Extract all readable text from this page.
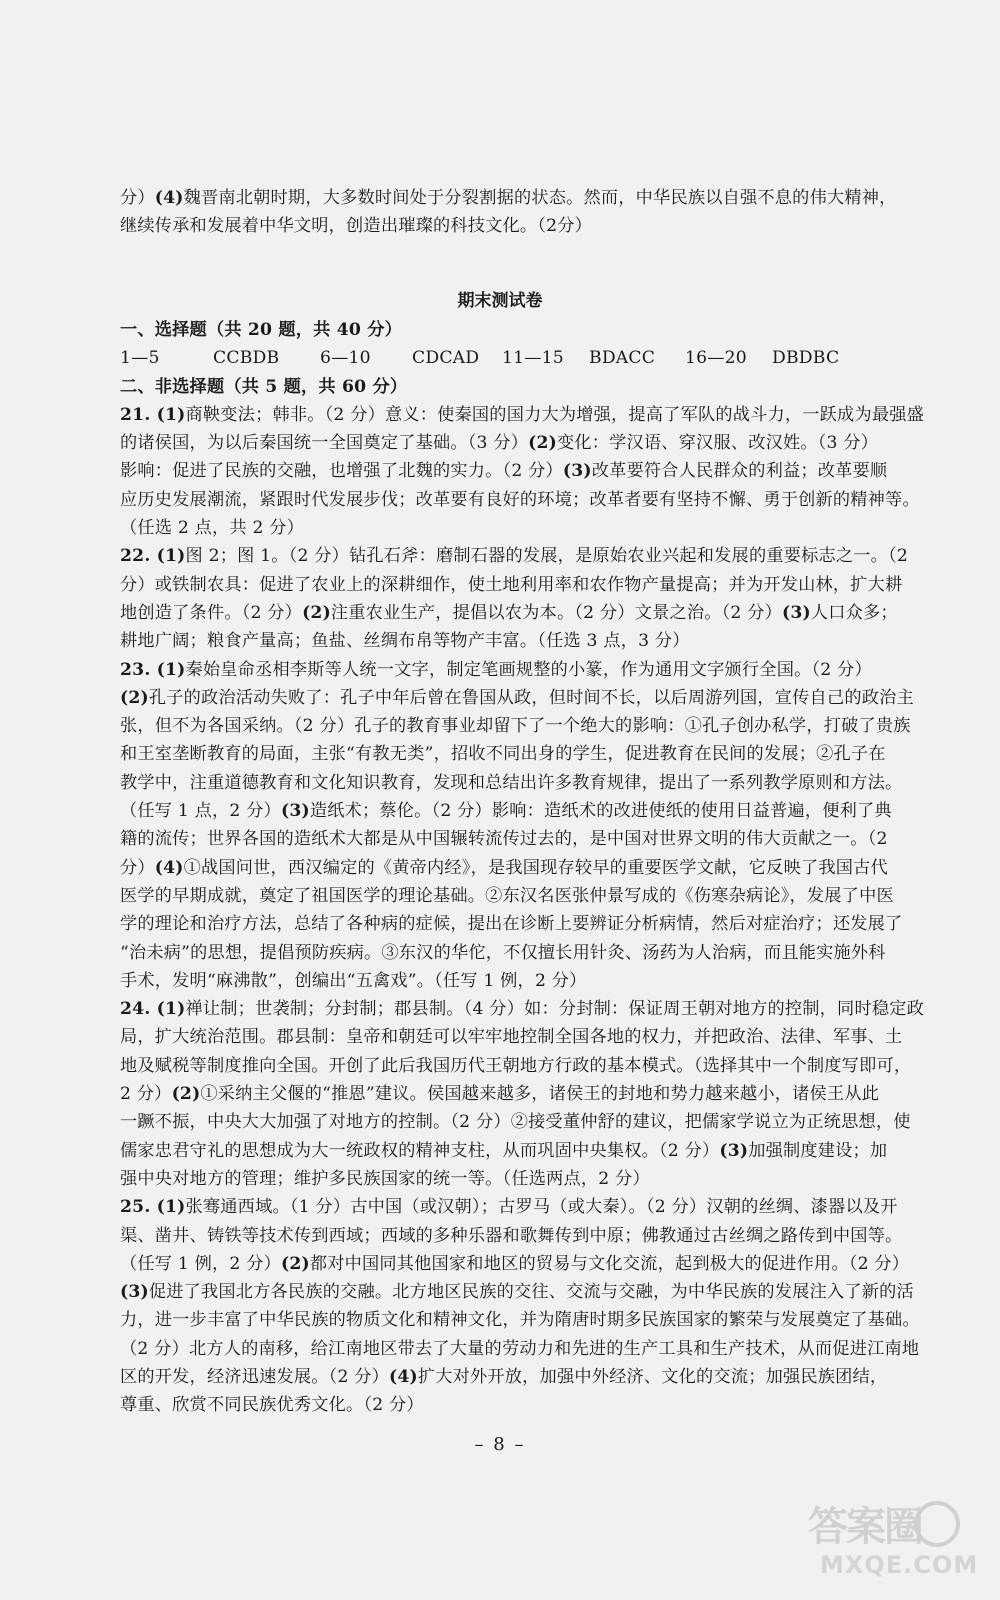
分）(4)魏晋南北朝时期，大多数时间处于分裂割据的状态。然而，中华民族以自强不息的伟大精神，
继续传承和发展着中华文明，创造出璀璨的科技文化。（2分）
期末测试卷
一、选择题（共 20 题，共 40 分）
1—5	CCBDB 6—10 CDCAD 11—15 BDACC 16—20 DBDBC
二、非选择题（共 5 题，共 60 分）
21. (1)商鞅变法；韩非。（2 分）意义：使秦国的国力大为增强，提高了军队的战斗力，一跃成为最强盛
的诸侯国，为以后秦国统一全国奠定了基础。（3 分）(2)变化：学汉语、穿汉服、改汉姓。（3 分）
影响：促进了民族的交融，也增强了北魏的实力。（2 分）(3)改革要符合人民群众的利益；改革要顺
应历史发展潮流，紧跟时代发展步伐；改革要有良好的环境；改革者要有坚持不懈、勇于创新的精神等。
（任选 2 点，共 2 分）
22. (1)图 2；图 1。（2 分）钻孔石斧：磨制石器的发展，是原始农业兴起和发展的重要标志之一。（2
分）或铁制农具：促进了农业上的深耕细作，使土地利用率和农作物产量提高；并为开发山林，扩大耕
地创造了条件。（2 分）(2)注重农业生产，提倡以农为本。（2 分）文景之治。（2 分）(3)人口众多；
耕地广阔；粮食产量高；鱼盐、丝绸布帛等物产丰富。（任选 3 点，3 分）
23. (1)秦始皇命丞相李斯等人统一文字，制定笔画规整的小篆，作为通用文字颁行全国。（2 分）
(2)孔子的政治活动失败了：孔子中年后曾在鲁国从政，但时间不长，以后周游列国，宣传自己的政治主
张，但不为各国采纳。（2 分）孔子的教育事业却留下了一个绝大的影响：①孔子创办私学，打破了贵族
和王室垄断教育的局面，主张“有教无类”，招收不同出身的学生，促进教育在民间的发展；②孔子在
教学中，注重道德教育和文化知识教育，发现和总结出许多教育规律，提出了一系列教学原则和方法。
（任写 1 点，2 分）(3)造纸术；蔡伦。（2 分）影响：造纸术的改进使纸的使用日益普遍，便利了典
籍的流传；世界各国的造纸术大都是从中国辗转流传过去的，是中国对世界文明的伟大贡献之一。（2
分）(4)①战国问世，西汉编定的《黄帝内经》，是我国现存较早的重要医学文献，它反映了我国古代
医学的早期成就，奠定了祖国医学的理论基础。②东汉名医张仲景写成的《伤寒杂病论》，发展了中医
学的理论和治疗方法，总结了各种病的症候，提出在诊断上要辨证分析病情，然后对症治疗；还发展了
“治未病”的思想，提倡预防疾病。③东汉的华佗，不仅擅长用针灸、汤药为人治病，而且能实施外科
手术，发明“麻沸散”，创编出“五禽戏”。（任写 1 例，2 分）
24. (1)禅让制；世袭制；分封制；郡县制。（4 分）如：分封制：保证周王朝对地方的控制，同时稳定政
局，扩大统治范围。郡县制：皇帝和朝廷可以牢牢地控制全国各地的权力，并把政治、法律、军事、土
地及赋税等制度推向全国。开创了此后我国历代王朝地方行政的基本模式。（选择其中一个制度写即可，
2 分）(2)①采纳主父偃的“推恩”建议。侯国越来越多，诸侯王的封地和势力越来越小，诸侯王从此
一蹶不振，中央大大加强了对地方的控制。（2 分）②接受董仲舒的建议，把儒家学说立为正统思想，使
儒家忠君守礼的思想成为大一统政权的精神支柱，从而巩固中央集权。（2 分）(3)加强制度建设；加
强中央对地方的管理；维护多民族国家的统一等。（任选两点，2 分）
25. (1)张骞通西域。（1 分）古中国（或汉朝）；古罗马（或大秦）。（2 分）汉朝的丝绸、漆器以及开
渠、凿井、铸铁等技术传到西域；西域的多种乐器和歌舞传到中原；佛教通过古丝绸之路传到中国等。
（任写 1 例，2 分）(2)都对中国同其他国家和地区的贸易与文化交流，起到极大的促进作用。（2 分）
(3)促进了我国北方各民族的交融。北方地区民族的交往、交流与交融，为中华民族的发展注入了新的活
力，进一步丰富了中华民族的物质文化和精神文化，并为隋唐时期多民族国家的繁荣与发展奠定了基础。
（2 分）北方人的南移，给江南地区带去了大量的劳动力和先进的生产工具和生产技术，从而促进江南地
区的开发，经济迅速发展。（2 分）(4)扩大对外开放，加强中外经济、文化的交流；加强民族团结，
尊重、欣赏不同民族优秀文化。（2 分）
– 8 –
答案圈
MXQE.COM
